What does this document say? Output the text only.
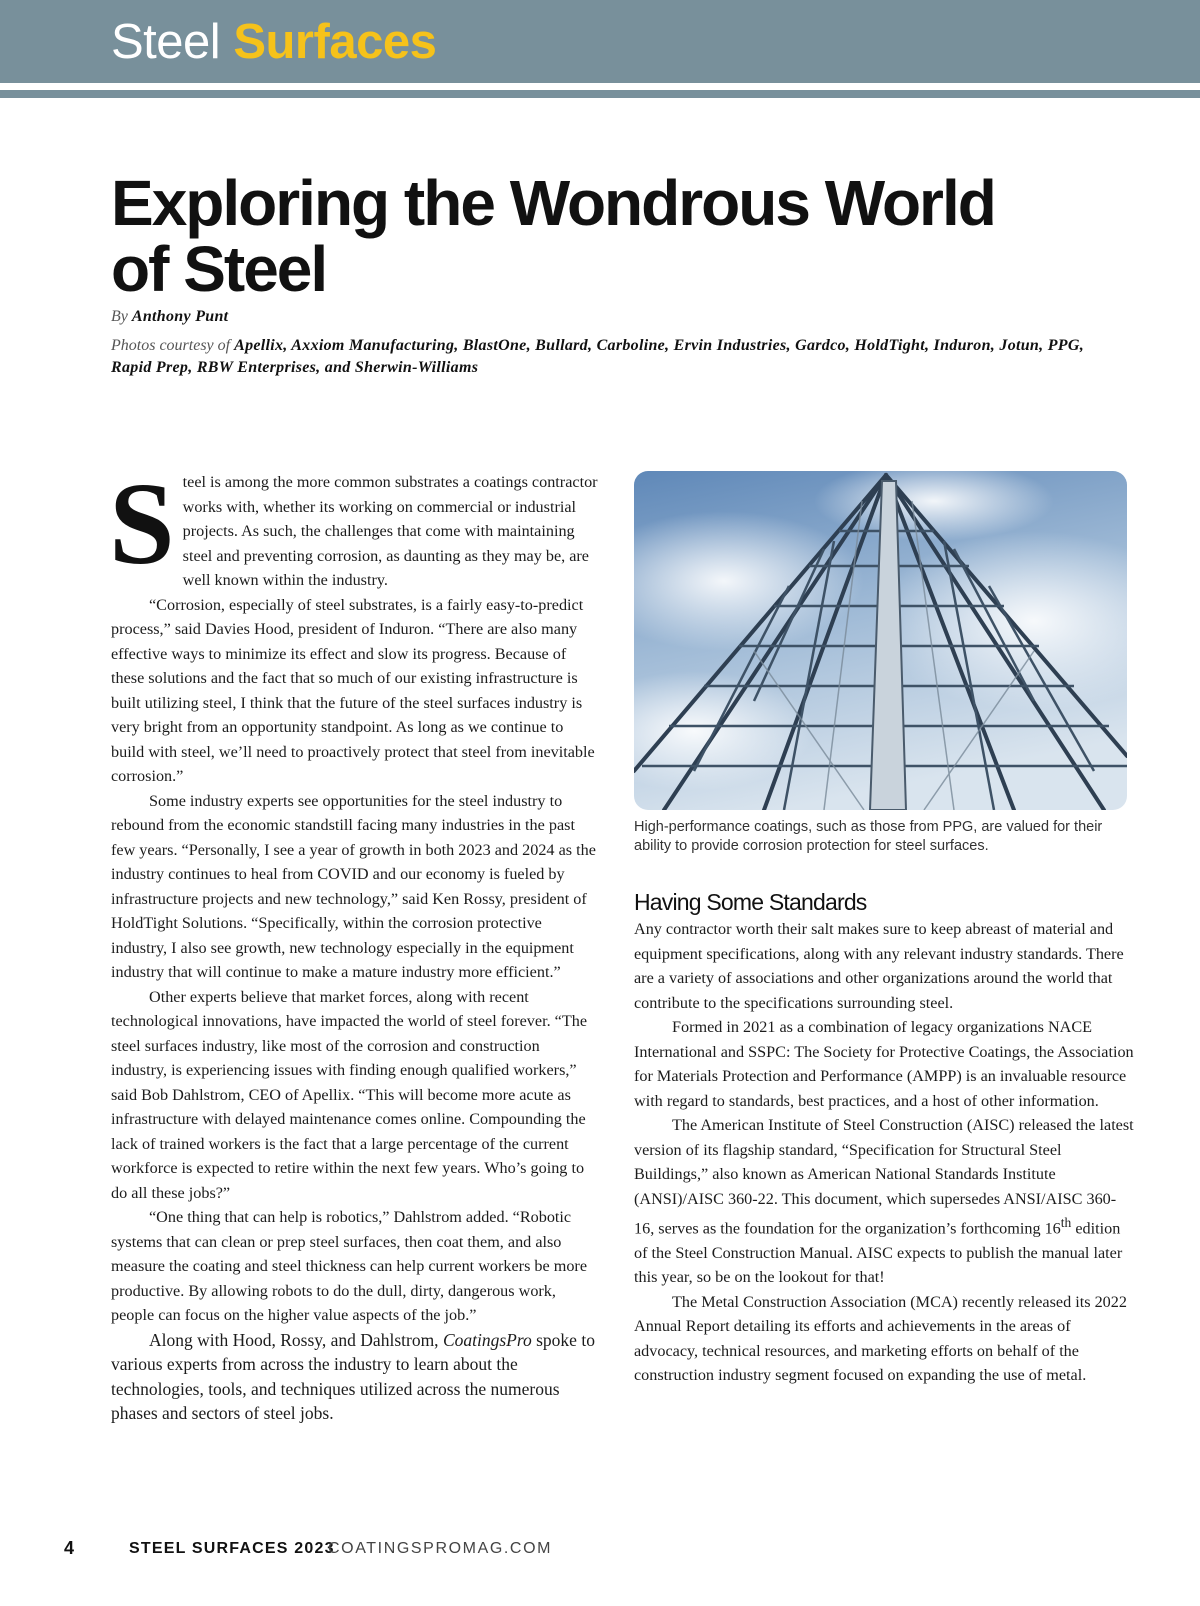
Steel Surfaces
Exploring the Wondrous World of Steel

By Anthony Punt

Photos courtesy of Apellix, Axxiom Manufacturing, BlastOne, Bullard, Carboline, Ervin Industries, Gardco, HoldTight, Induron, Jotun, PPG, Rapid Prep, RBW Enterprises, and Sherwin-Williams

Steel is among the more common substrates a coatings contractor works with, whether its working on commercial or industrial projects. As such, the challenges that come with maintaining steel and preventing corrosion, as daunting as they may be, are well known within the industry.

“Corrosion, especially of steel substrates, is a fairly easy-to-predict process,” said Davies Hood, president of Induron. “There are also many effective ways to minimize its effect and slow its progress. Because of these solutions and the fact that so much of our existing infrastructure is built utilizing steel, I think that the future of the steel surfaces industry is very bright from an opportunity standpoint. As long as we continue to build with steel, we’ll need to proactively protect that steel from inevitable corrosion.”

Some industry experts see opportunities for the steel industry to rebound from the economic standstill facing many industries in the past few years. “Personally, I see a year of growth in both 2023 and 2024 as the industry continues to heal from COVID and our economy is fueled by infrastructure projects and new technology,” said Ken Rossy, president of HoldTight Solutions. “Specifically, within the corrosion protective industry, I also see growth, new technology especially in the equipment industry that will continue to make a mature industry more efficient.”

Other experts believe that market forces, along with recent technological innovations, have impacted the world of steel forever. “The steel surfaces industry, like most of the corrosion and construction industry, is experiencing issues with finding enough qualified workers,” said Bob Dahlstrom, CEO of Apellix. “This will become more acute as infrastructure with delayed maintenance comes online. Compounding the lack of trained workers is the fact that a large percentage of the current workforce is expected to retire within the next few years. Who’s going to do all these jobs?”

“One thing that can help is robotics,” Dahlstrom added. “Robotic systems that can clean or prep steel surfaces, then coat them, and also measure the coating and steel thickness can help current workers be more productive. By allowing robots to do the dull, dirty, dangerous work, people can focus on the higher value aspects of the job.”

Along with Hood, Rossy, and Dahlstrom, CoatingsPro spoke to various experts from across the industry to learn about the technologies, tools, and techniques utilized across the numerous phases and sectors of steel jobs.

High-performance coatings, such as those from PPG, are valued for their ability to provide corrosion protection for steel surfaces.

Having Some Standards

Any contractor worth their salt makes sure to keep abreast of material and equipment specifications, along with any relevant industry standards. There are a variety of associations and other organizations around the world that contribute to the specifications surrounding steel.

Formed in 2021 as a combination of legacy organizations NACE International and SSPC: The Society for Protective Coatings, the Association for Materials Protection and Performance (AMPP) is an invaluable resource with regard to standards, best practices, and a host of other information.

The American Institute of Steel Construction (AISC) released the latest version of its flagship standard, “Specification for Structural Steel Buildings,” also known as American National Standards Institute (ANSI)/AISC 360-22. This document, which supersedes ANSI/AISC 360-16, serves as the foundation for the organization’s forthcoming 16th edition of the Steel Construction Manual. AISC expects to publish the manual later this year, so be on the lookout for that!

The Metal Construction Association (MCA) recently released its 2022 Annual Report detailing its efforts and achievements in the areas of advocacy, technical resources, and marketing efforts on behalf of the construction industry segment focused on expanding the use of metal.

4	STEEL SURFACES 2023
COATINGSPROMAG.COM
